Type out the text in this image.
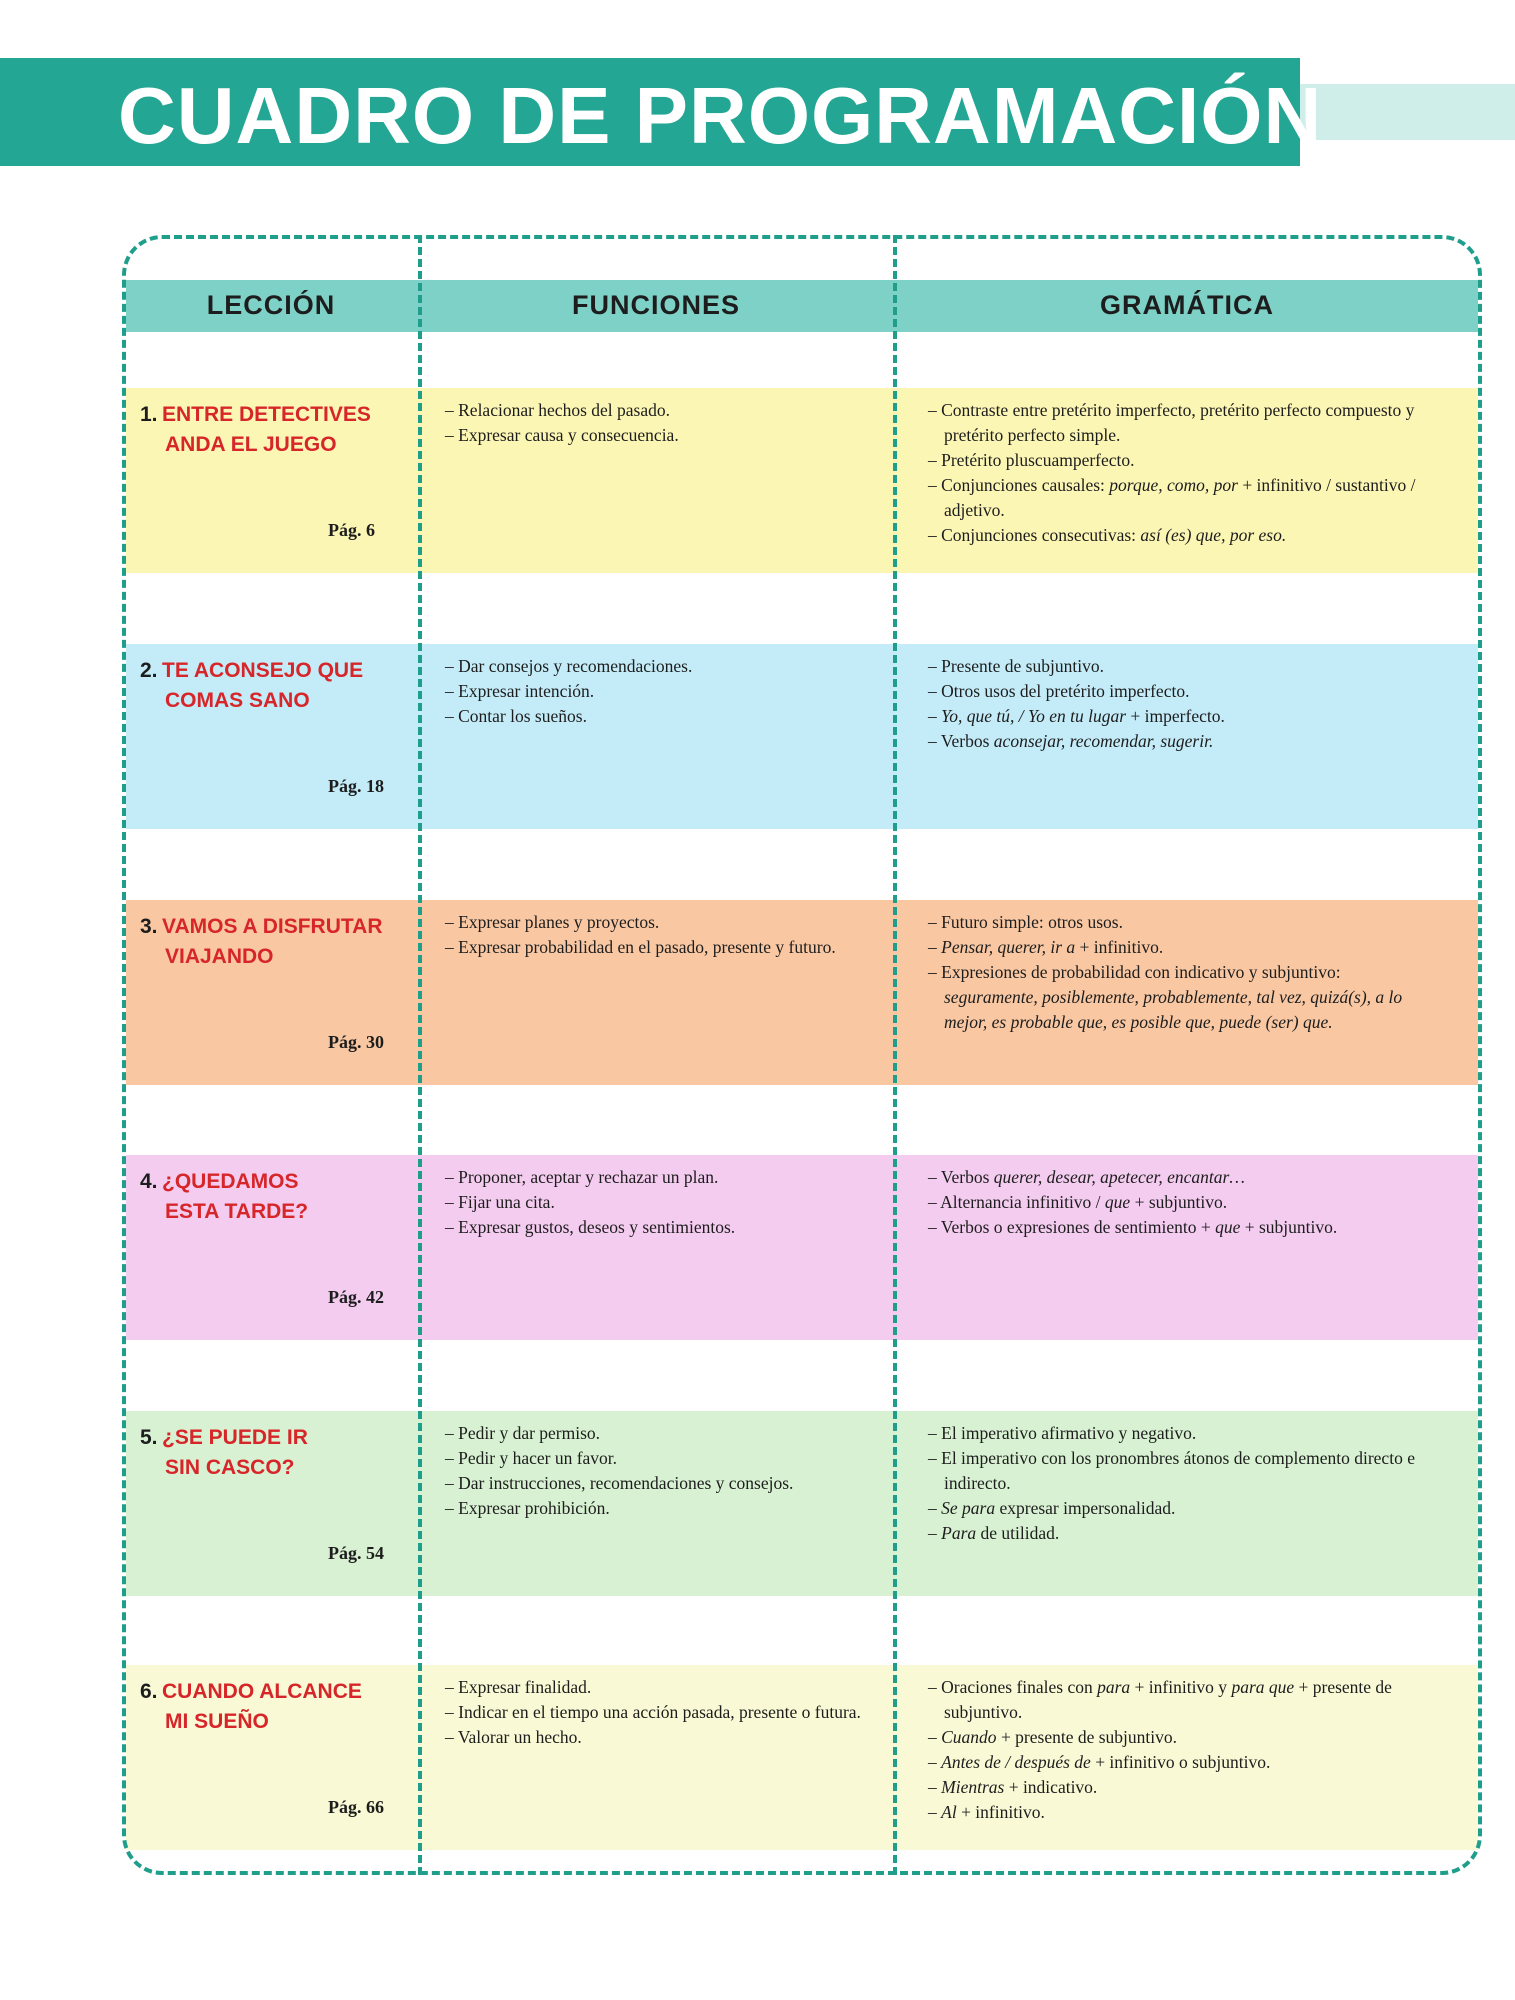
CUADRO DE PROGRAMACIÓN
LECCIÓN	FUNCIONES	GRAMÁTICA
1. ENTRE DETECTIVES
ANDA EL JUEGO
Pág. 6

– Relacionar hechos del pasado.

– Expresar causa y consecuencia.

– Contraste entre pretérito imperfecto, pretérito perfecto compuesto y pretérito perfecto simple.

– Pretérito pluscuamperfecto.

– Conjunciones causales: porque, como, por + infinitivo / sustantivo / adjetivo.

– Conjunciones consecutivas: así (es) que, por eso.

2. TE ACONSEJO QUE
COMAS SANO
Pág. 18

– Dar consejos y recomendaciones.

– Expresar intención.

– Contar los sueños.

– Presente de subjuntivo.

– Otros usos del pretérito imperfecto.

– Yo, que tú, / Yo en tu lugar + imperfecto.

– Verbos aconsejar, recomendar, sugerir.

3. VAMOS A DISFRUTAR
VIAJANDO
Pág. 30

– Expresar planes y proyectos.

– Expresar probabilidad en el pasado, presente y futuro.

– Futuro simple: otros usos.

– Pensar, querer, ir a + infinitivo.

– Expresiones de probabilidad con indicativo y subjuntivo: seguramente, posiblemente, probablemente, tal vez, quizá(s), a lo mejor, es probable que, es posible que, puede (ser) que.

4. ¿QUEDAMOS
ESTA TARDE?
Pág. 42

– Proponer, aceptar y rechazar un plan.

– Fijar una cita.

– Expresar gustos, deseos y sentimientos.

– Verbos querer, desear, apetecer, encantar…

– Alternancia infinitivo / que + subjuntivo.

– Verbos o expresiones de sentimiento + que + subjuntivo.

5. ¿SE PUEDE IR
SIN CASCO?
Pág. 54

– Pedir y dar permiso.

– Pedir y hacer un favor.

– Dar instrucciones, recomendaciones y consejos.

– Expresar prohibición.

– El imperativo afirmativo y negativo.

– El imperativo con los pronombres átonos de complemento directo e indirecto.

– Se para expresar impersonalidad.

– Para de utilidad.

6. CUANDO ALCANCE
MI SUEÑO
Pág. 66

– Expresar finalidad.

– Indicar en el tiempo una acción pasada, presente o futura.

– Valorar un hecho.

– Oraciones finales con para + infinitivo y para que + presente de subjuntivo.

– Cuando + presente de subjuntivo.

– Antes de / después de + infinitivo o subjuntivo.

– Mientras + indicativo.

– Al + infinitivo.
